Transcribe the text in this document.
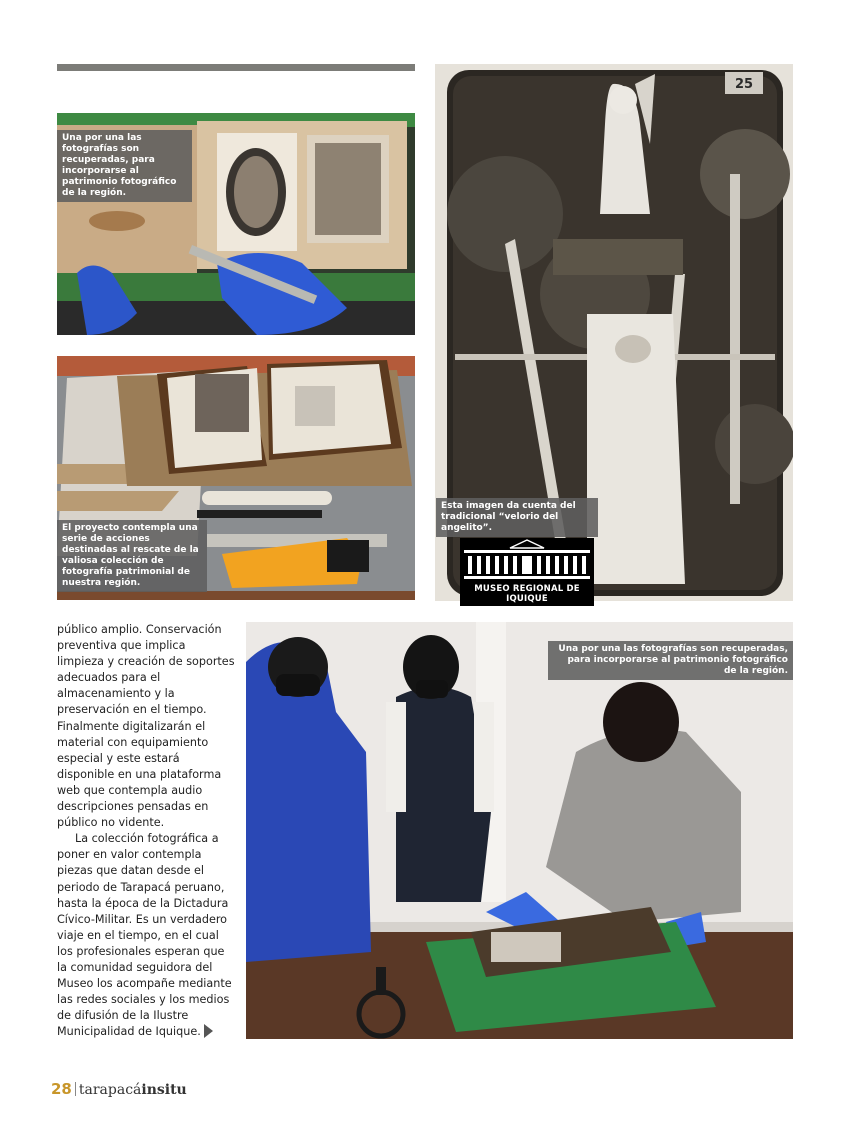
Una por una las fotografías son recuperadas, para incorporarse al patrimonio fotográfico de la región.
El proyecto contempla una serie de acciones destinadas al rescate de la valiosa colección de fotografía patrimonial de nuestra región.
25
Esta imagen da cuenta del tradicional “velorio del angelito”.
MUSEO REGIONAL DE IQUIQUE
Una por una las fotografías son recuperadas, para incorporarse al patrimonio fotográfico de la región.

público amplio. Conservación preventiva que implica limpieza y creación de soportes adecuados para el almacenamiento y la preservación en el tiempo. Finalmente digitalizarán el material con equipamiento especial y este estará disponible en una plataforma web que contempla audio descripciones pensadas en público no vidente.

La colección fotográfica a poner en valor contempla piezas que datan desde el periodo de Tarapacá peruano, hasta la época de la Dictadura Cívico-Militar. Es un verdadero viaje en el tiempo, en el cual los profesionales esperan que la comunidad seguidora del Museo los acompañe mediante las redes sociales y los medios de difusión de la Ilustre Municipalidad de Iquique.

28 tarapacáinsitu
